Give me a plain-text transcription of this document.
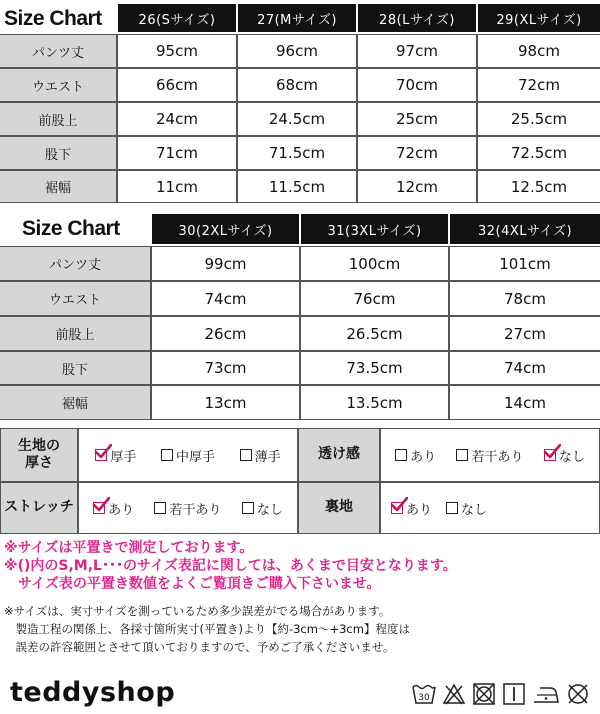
Size Chart	26(Sサイズ)	27(Mサイズ)	28(Lサイズ)	29(XLサイズ)
パンツ丈	95cm	96cm	97cm	98cm
ウエスト	66cm	68cm	70cm	72cm
前股上	24cm	24.5cm	25cm	25.5cm
股下	71cm	71.5cm	72cm	72.5cm
裾幅	11cm	11.5cm	12cm	12.5cm
Size Chart	30(2XLサイズ)	31(3XLサイズ)	32(4XLサイズ)
パンツ丈	99cm	100cm	101cm
ウエスト	74cm	76cm	78cm
前股上	26cm	26.5cm	27cm
股下	73cm	73.5cm	74cm
裾幅	13cm	13.5cm	14cm
生地の
厚さ	厚手	中厚手	薄手	透け感	あり	若干あり	なし
ストレッチ	あり	若干あり	なし	裏地	あり なし
※サイズは平置きで測定しております。
※()内のS,M,L･･･のサイズ表記に関しては、あくまで目安となります。
　サイズ表の平置き数値をよくご覧頂きご購入下さいませ。
※サイズは、実寸サイズを測っているため多少誤差がでる場合があります。
　製造工程の関係上、各採寸箇所実寸(平置き)より【約-3cm～+3cm】程度は
　誤差の許容範囲とさせて頂いておりますので、予めご了承くださいませ。
teddyshop	30
